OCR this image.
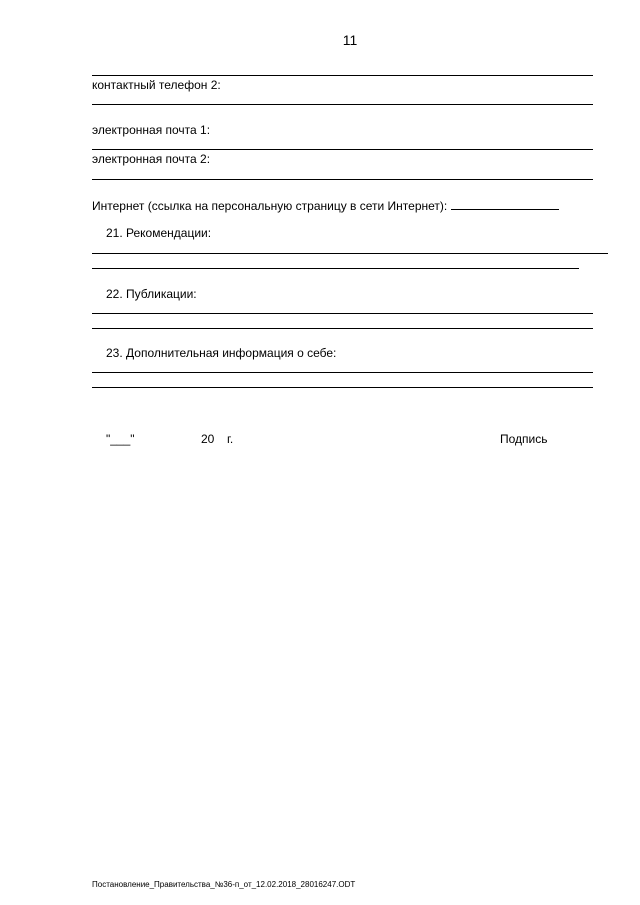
11
контактный телефон 2:
электронная почта 1:
электронная почта 2:
Интернет (ссылка на персональную страницу в сети Интернет):
21. Рекомендации:
22. Публикации:
23. Дополнительная информация о себе:
"___"	20 г.	Подпись
Постановление_Правительства_№36-п_от_12.02.2018_28016247.ODT
